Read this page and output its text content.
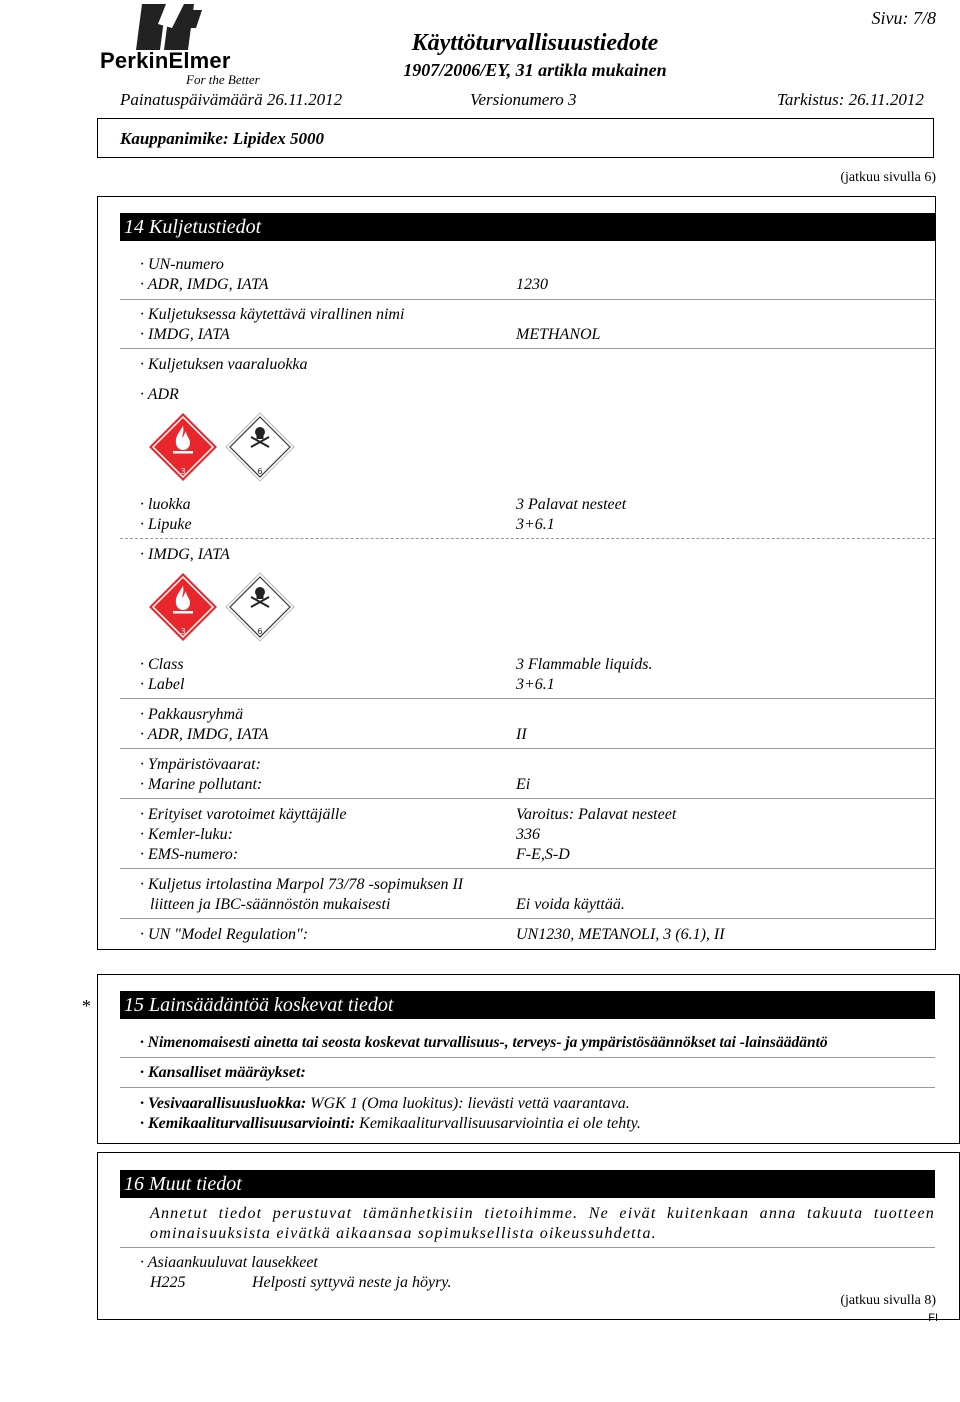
PerkinElmer
For the Better
Sivu: 7/8
Käyttöturvallisuustiedote
1907/2006/EY, 31 artikla mukainen
Painatuspäivämäärä 26.11.2012	Versionumero 3	Tarkistus: 26.11.2012
Kauppanimike: Lipidex 5000
(jatkuu sivulla 6)
14 Kuljetustiedot
· UN-numero
· ADR, IMDG, IATA	1230
· Kuljetuksessa käytettävä virallinen nimi
· IMDG, IATA	METHANOL
· Kuljetuksen vaaraluokka
· ADR
3	6
· luokka	3 Palavat nesteet
· Lipuke	3+6.1
· IMDG, IATA
3	6
· Class	3 Flammable liquids.
· Label	3+6.1
· Pakkausryhmä
· ADR, IMDG, IATA	II
· Ympäristövaarat:
· Marine pollutant:	Ei
· Erityiset varotoimet käyttäjälle	Varoitus: Palavat nesteet
· Kemler-luku:	336
· EMS-numero:	F-E,S-D
· Kuljetus irtolastina Marpol 73/78 -sopimuksen II
liitteen ja IBC-säännöstön mukaisesti	Ei voida käyttää.
· UN "Model Regulation":	UN1230, METANOLI, 3 (6.1), II
* 15 Lainsäädäntöä koskevat tiedot
· Nimenomaisesti ainetta tai seosta koskevat turvallisuus-, terveys- ja ympäristösäännökset tai -lainsäädäntö
· Kansalliset määräykset:
· Vesivaarallisuusluokka: WGK 1 (Oma luokitus): lievästi vettä vaarantava.
· Kemikaaliturvallisuusarviointi: Kemikaaliturvallisuusarviointia ei ole tehty.
16 Muut tiedot
Annetut tiedot perustuvat tämänhetkisiin tietoihimme. Ne eivät kuitenkaan anna takuuta tuotteen ominaisuuksista eivätkä aikaansaa sopimuksellista oikeussuhdetta.
· Asiaankuuluvat lausekkeet
H225	Helposti syttyvä neste ja höyry.
(jatkuu sivulla 8)
FI
